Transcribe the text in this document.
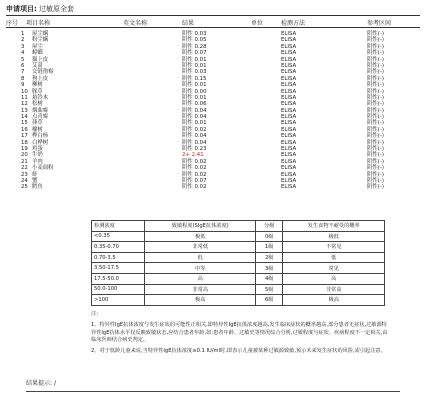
申请项目: 过敏原全套
序号 项目名称	英文名称	结果	单位	检测方法	参考区间
1 屋尘螨	阴性 0.03	ELISA	阴性(-)
2 粉尘螨	阴性 0.05	ELISA	阴性(-)
3 屋尘	阴性 0.28	ELISA	阴性(-)
4 蟑螂	阴性 0.07	ELISA	阴性(-)
5 猫上皮	阴性 0.01	ELISA	阴性(-)
6 艾蒿	阴性 0.01	ELISA	阴性(-)
7 交链孢霉	阴性 0.03	ELISA	阴性(-)
8 狗上皮	阴性 0.15	ELISA	阴性(-)
9 柳树	阴性 0.01	ELISA	阴性(-)
10 豚草	阴性 0.00	ELISA	阴性(-)
11 悬铃木	阴性 0.01	ELISA	阴性(-)
12 松树	阴性 0.06	ELISA	阴性(-)
13 烟曲霉	阴性 0.04	ELISA	阴性(-)
14 点青霉	阴性 0.04	ELISA	阴性(-)
15 葎草	阴性 0.01	ELISA	阴性(-)
16 榆树	阴性 0.02	ELISA	阴性(-)
17 桦白杨	阴性 0.04	ELISA	阴性(-)
18 白桦树	阴性 0.04	ELISA	阴性(-)
19 鸡蛋	阴性 0.23	ELISA	阴性(-)
20 牛奶	2+ 2.41	ELISA	阴性(-)
21 羊肉	阴性 0.02	ELISA	阴性(-)
22 小麦面粉	阴性 0.02	ELISA	阴性(-)
23 虾	阴性 0.02	ELISA	阴性(-)
24 蟹	阴性 0.07	ELISA	阴性(-)
25 鳕鱼	阴性 0.02	ELISA	阴性(-)
检测浓度	致敏程度(SIgE抗体浓度)	分级	发生食物不耐受的概率
<0.35	极低	0级	极低
0.35-0.70	非常低	1级	不常见
0.70-3.5	低	2级	低
3.50-17.5	中等	3级	常见
17.5-50.0	高	4级	高
50.0-100	非常高	5级	非常高
>100	极高	6级	极高

注:

1、特异性IgE抗体浓度与发生症状的可能性正相关,即特异性IgE抗体浓度越高,发生临床症状的概率越高,部分患者无症状,过敏源特异性IgE抗体水平仅反映致敏状态,应结合患者年龄,如:患者年龄、过敏史等情况综合分析,过敏程度与症状、疾病程度不一定相关,由临床医师结合病史判定。

2、对于低龄儿童来说,当特异性IgE抗体浓度≥0.1 IU/ml时,即表示儿童被某种过敏源致敏,预示未来发生症状的风险,需引起注意。

结果提示: /
